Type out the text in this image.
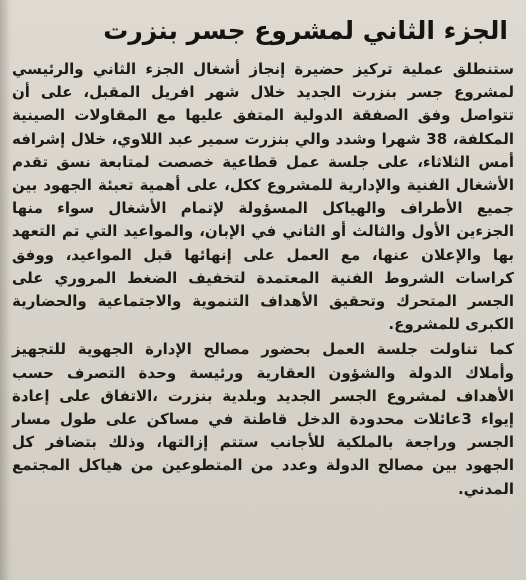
الجزء الثاني لمشروع جسر بنزرت

ستنطلق عملية تركيز حضيرة إنجاز أشغال الجزء الثاني والرئيسي لمشروع جسر بنزرت الجديد خلال شهر افريل المقبل، على أن تتواصل وفق الصفقة الدولية المتفق عليها مع المقاولات الصينية المكلفة، 38 شهرا وشدد والي بنزرت سمير عبد اللاوي، خلال إشرافه أمس الثلاثاء، على جلسة عمل قطاعية خصصت لمتابعة نسق تقدم الأشغال الفنية والإدارية للمشروع ككل، على أهمية تعبئة الجهود بين جميع الأطراف والهياكل المسؤولة لإتمام الأشغال سواء منها الجزءين الأول والثالث أو الثاني في الإبان، والمواعيد التي تم التعهد بها والإعلان عنها، مع العمل على إنهائها قبل المواعيد، ووفق كراسات الشروط الفنية المعتمدة لتخفيف الضغط المروري على الجسر المتحرك وتحقيق الأهداف التنموية والاجتماعية والحضارية الكبرى للمشروع.

كما تناولت جلسة العمل بحضور مصالح الإدارة الجهوية للتجهيز وأملاك الدولة والشؤون العقارية ورئيسة وحدة التصرف حسب الأهداف لمشروع الجسر الجديد وبلدية بنزرت ،الاتفاق على إعادة إيواء 3عائلات محدودة الدخل قاطنة في مساكن على طول مسار الجسر وراجعة بالملكية للأجانب ستتم إزالتها، وذلك بتضافر كل الجهود بين مصالح الدولة وعدد من المتطوعين من هياكل المجتمع المدني.
